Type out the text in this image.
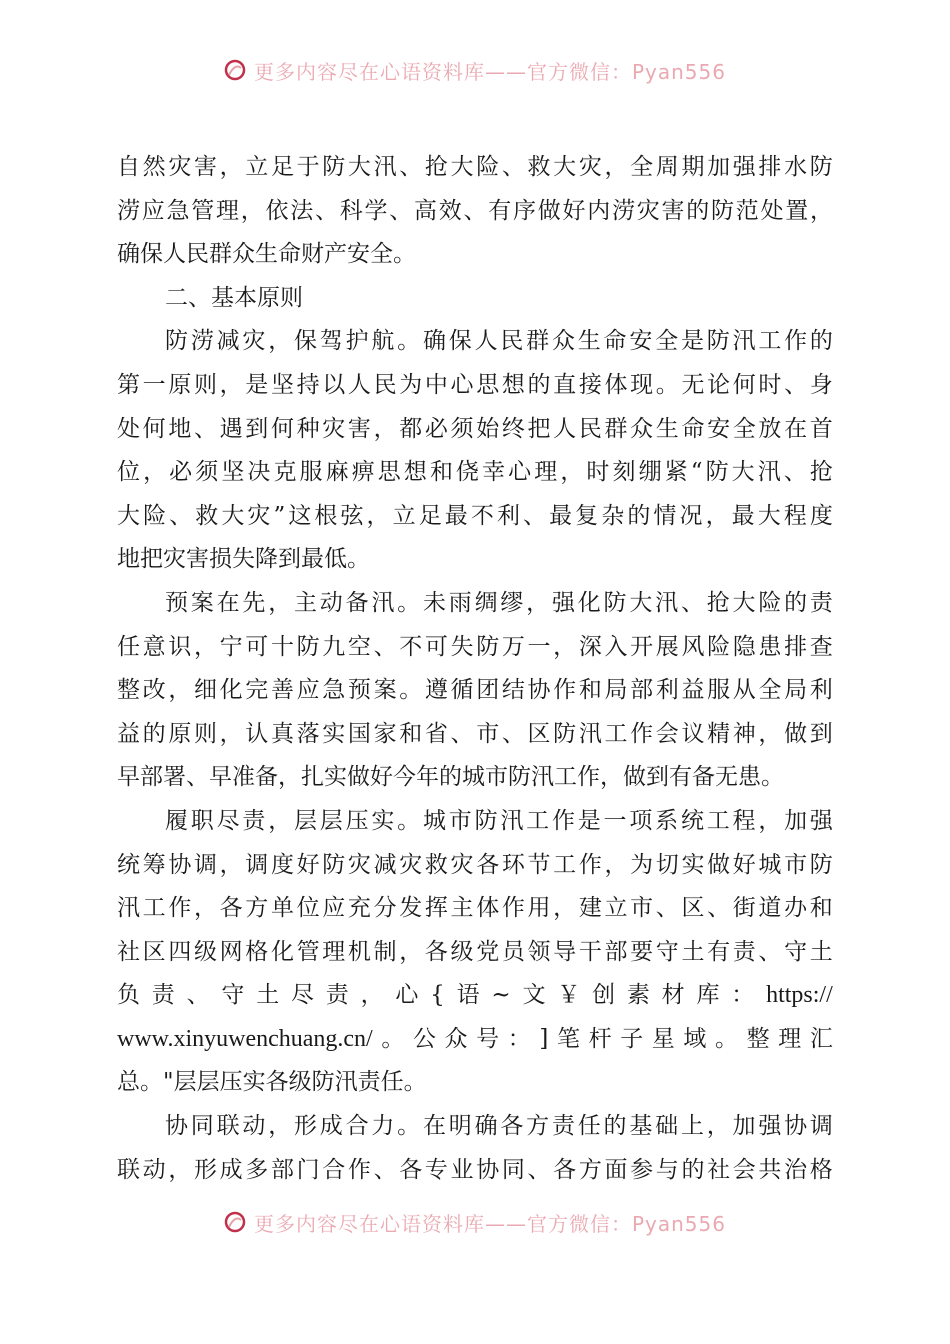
更多内容尽在心语资料库——官方微信：Pyan556
自 然 灾 害 ， 立 足 于 防 大 汛 、 抢 大 险 、 救 大 灾 ， 全 周 期 加 强 排 水 防
涝 应 急 管 理 ， 依 法 、 科 学 、 高 效 、 有 序 做 好 内 涝 灾 害 的 防 范 处 置 ，
确保人民群众生命财产安全。
二、基本原则
防 涝 减 灾 ， 保 驾 护 航 。 确 保 人 民 群 众 生 命 安 全 是 防 汛 工 作 的
第 一 原 则 ， 是 坚 持 以 人 民 为 中 心 思 想 的 直 接 体 现 。 无 论 何 时 、 身
处 何 地 、 遇 到 何 种 灾 害 ， 都 必 须 始 终 把 人 民 群 众 生 命 安 全 放 在 首
位 ， 必 须 坚 决 克 服 麻 痹 思 想 和 侥 幸 心 理 ， 时 刻 绷 紧 “ 防 大 汛 、 抢
大 险 、 救 大 灾 ” 这 根 弦 ， 立 足 最 不 利 、 最 复 杂 的 情 况 ， 最 大 程 度
地把灾害损失降到最低。
预 案 在 先 ， 主 动 备 汛 。 未 雨 绸 缪 ， 强 化 防 大 汛 、 抢 大 险 的 责
任 意 识 ， 宁 可 十 防 九 空 、 不 可 失 防 万 一 ， 深 入 开 展 风 险 隐 患 排 查
整 改 ， 细 化 完 善 应 急 预 案 。 遵 循 团 结 协 作 和 局 部 利 益 服 从 全 局 利
益 的 原 则 ， 认 真 落 实 国 家 和 省 、 市 、 区 防 汛 工 作 会 议 精 神 ， 做 到
早部署、早准备，扎实做好今年的城市防汛工作，做到有备无患。
履 职 尽 责 ， 层 层 压 实 。 城 市 防 汛 工 作 是 一 项 系 统 工 程 ， 加 强
统 筹 协 调 ， 调 度 好 防 灾 减 灾 救 灾 各 环 节 工 作 ， 为 切 实 做 好 城 市 防
汛 工 作 ， 各 方 单 位 应 充 分 发 挥 主 体 作 用 ， 建 立 市 、 区 、 街 道 办 和
社 区 四 级 网 格 化 管 理 机 制 ， 各 级 党 员 领 导 干 部 要 守 土 有 责 、 守 土
负 责 、 守 土 尽 责 ， 心 { 语 ~ 文 ￥ 创 素 材 库 ： https://
www.xinyuwenchuang.cn/ 。 公 众 号 ： ] 笔 杆 子 星 域 。 整 理 汇
总。"层层压实各级防汛责任。
协 同 联 动 ， 形 成 合 力 。 在 明 确 各 方 责 任 的 基 础 上 ， 加 强 协 调
联 动 ， 形 成 多 部 门 合 作 、 各 专 业 协 同 、 各 方 面 参 与 的 社 会 共 治 格
更多内容尽在心语资料库——官方微信：Pyan556
